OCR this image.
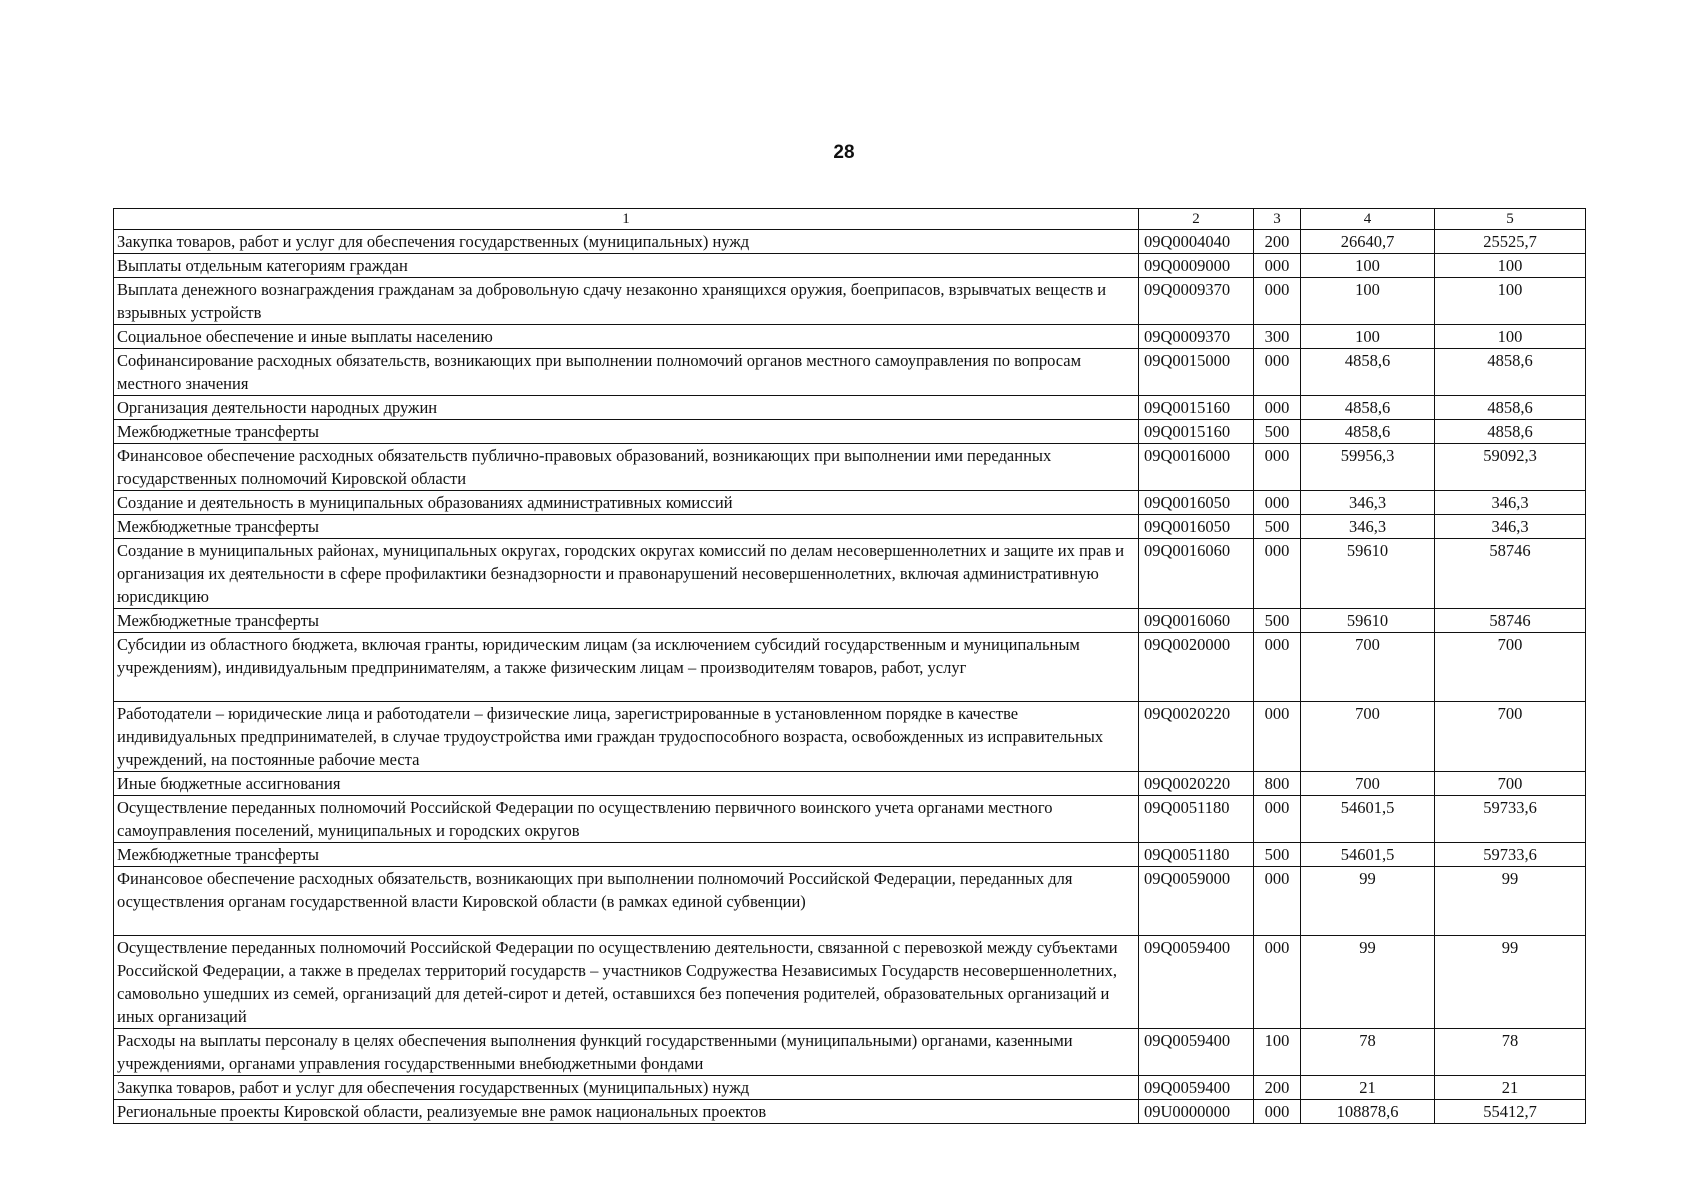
28
1	2	3	4	5
Закупка товаров, работ и услуг для обеспечения государственных (муниципальных) нужд	09Q0004040	200	26640,7	25525,7
Выплаты отдельным категориям граждан	09Q0009000	000	100	100
Выплата денежного вознаграждения гражданам за добровольную сдачу незаконно хранящихся оружия, боеприпасов, взрывчатых веществ и взрывных устройств	09Q0009370	000	100	100
Социальное обеспечение и иные выплаты населению	09Q0009370	300	100	100
Софинансирование расходных обязательств, возникающих при выполнении полномочий органов местного самоуправления по вопросам местного значения	09Q0015000	000	4858,6	4858,6
Организация деятельности народных дружин	09Q0015160	000	4858,6	4858,6
Межбюджетные трансферты	09Q0015160	500	4858,6	4858,6
Финансовое обеспечение расходных обязательств публично-правовых образований, возникающих при выполнении ими переданных государственных полномочий Кировской области	09Q0016000	000	59956,3	59092,3
Создание и деятельность в муниципальных образованиях административных комиссий	09Q0016050	000	346,3	346,3
Межбюджетные трансферты	09Q0016050	500	346,3	346,3
Создание в муниципальных районах, муниципальных округах, городских округах комиссий по делам несовершеннолетних и защите их прав и организация их деятельности в сфере профилактики безнадзорности и правонарушений несовершеннолетних, включая административную юрисдикцию	09Q0016060	000	59610	58746
Межбюджетные трансферты	09Q0016060	500	59610	58746
Субсидии из областного бюджета, включая гранты, юридическим лицам (за исключением субсидий государственным и муниципальным учреждениям), индивидуальным предпринимателям, а также физическим лицам – производителям товаров, работ, услуг	09Q0020000	000	700	700
Работодатели – юридические лица и работодатели – физические лица, зарегистрированные в установленном порядке в качестве индивидуальных предпринимателей, в случае трудоустройства ими граждан трудоспособного возраста, освобожденных из исправительных учреждений, на постоянные рабочие места	09Q0020220	000	700	700
Иные бюджетные ассигнования	09Q0020220	800	700	700
Осуществление переданных полномочий Российской Федерации по осуществлению первичного воинского учета органами местного самоуправления поселений, муниципальных и городских округов	09Q0051180	000	54601,5	59733,6
Межбюджетные трансферты	09Q0051180	500	54601,5	59733,6
Финансовое обеспечение расходных обязательств, возникающих при выполнении полномочий Российской Федерации, переданных для осуществления органам государственной власти Кировской области (в рамках единой субвенции)	09Q0059000	000	99	99
Осуществление переданных полномочий Российской Федерации по осуществлению деятельности, связанной с перевозкой между субъектами Российской Федерации, а также в пределах территорий государств – участников Содружества Независимых Государств несовершеннолетних, самовольно ушедших из семей, организаций для детей-сирот и детей, оставшихся без попечения родителей, образовательных организаций и иных организаций	09Q0059400	000	99	99
Расходы на выплаты персоналу в целях обеспечения выполнения функций государственными (муниципальными) органами, казенными учреждениями, органами управления государственными внебюджетными фондами	09Q0059400	100	78	78
Закупка товаров, работ и услуг для обеспечения государственных (муниципальных) нужд	09Q0059400	200	21	21
Региональные проекты Кировской области, реализуемые вне рамок национальных проектов	09U0000000	000	108878,6	55412,7
